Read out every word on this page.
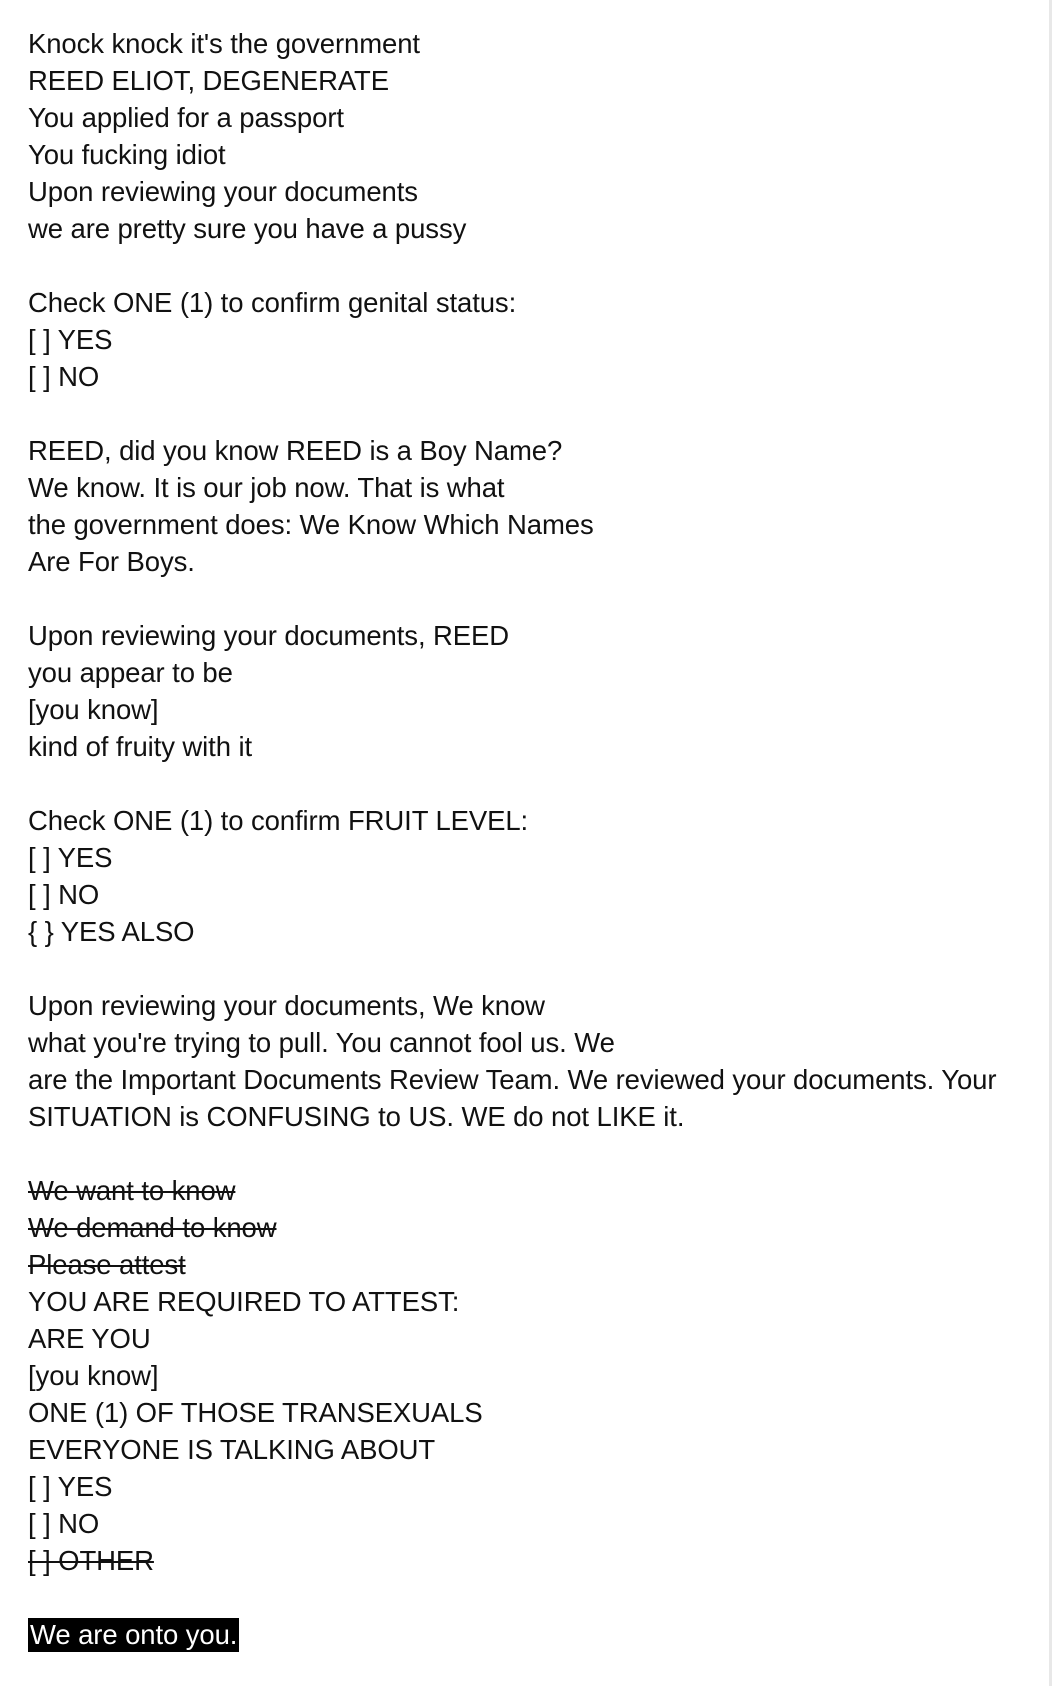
Knock knock it's the government
REED ELIOT, DEGENERATE
You applied for a passport
You fucking idiot
Upon reviewing your documents
we are pretty sure you have a pussy
Check ONE (1) to confirm genital status:
[ ] YES
[ ] NO
REED, did you know REED is a Boy Name?
We know. It is our job now. That is what
the government does: We Know Which Names
Are For Boys.
Upon reviewing your documents, REED
you appear to be
[you know]
kind of fruity with it
Check ONE (1) to confirm FRUIT LEVEL:
[ ] YES
[ ] NO
{ } YES ALSO
Upon reviewing your documents, We know
what you're trying to pull. You cannot fool us. We
are the Important Documents Review Team. We reviewed your documents. Your
SITUATION is CONFUSING to US. WE do not LIKE it.
We want to know
We demand to know
Please attest
YOU ARE REQUIRED TO ATTEST:
ARE YOU
[you know]
ONE (1) OF THOSE TRANSEXUALS
EVERYONE IS TALKING ABOUT
[ ] YES
[ ] NO
[ ] OTHER
We are onto you.
